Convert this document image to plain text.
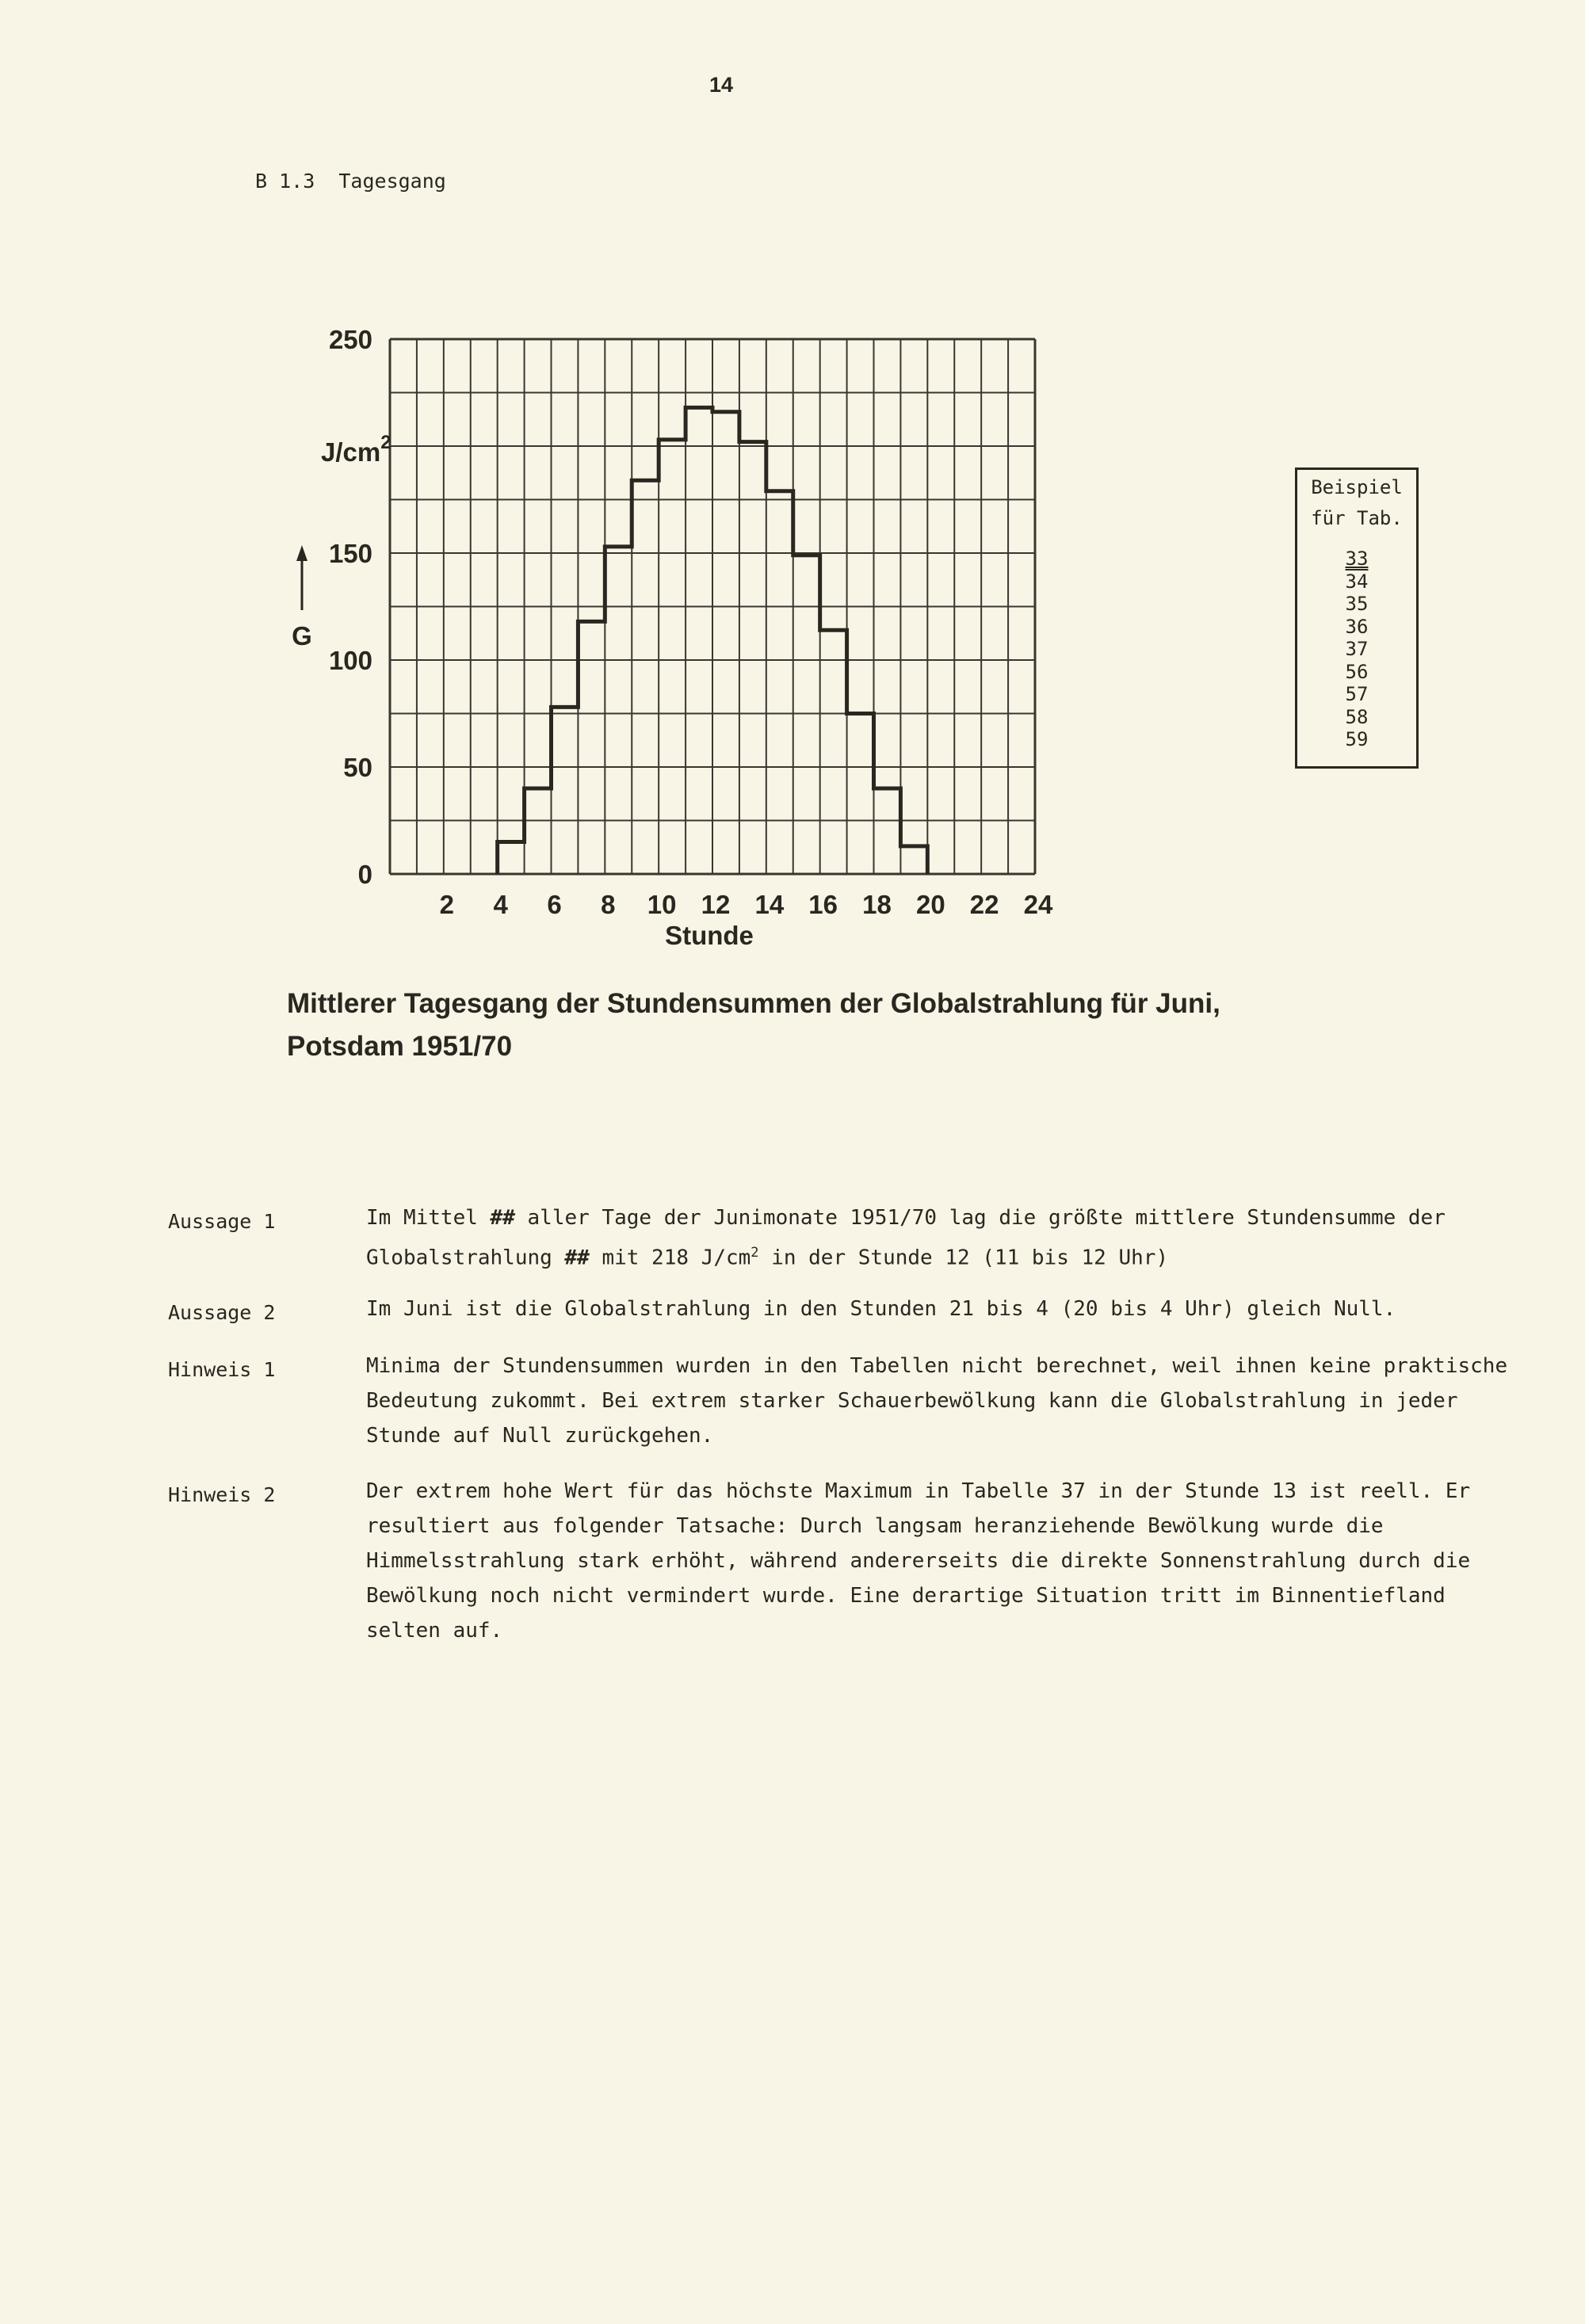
14
B 1.3  Tagesgang
0
50
100
150
250
2 4 6 8 10 12 14 16 18 20 22 24
Stunde
$J/cm^2$
G
Beispiel
für Tab.
33
34
35
36
37
56
57
58
59
Mittlerer Tagesgang der Stundensummen der Globalstrahlung für Juni, Potsdam 1951/70
Aussage 1	Im Mittel ## aller Tage der Junimonate 1951/70 lag die größte mittlere Stundensumme der Globalstrahlung ## mit 218 $J/cm^2$ in der Stunde 12 (11 bis 12 Uhr)
Aussage 2	Im Juni ist die Globalstrahlung in den Stunden 21 bis 4 (20 bis 4 Uhr) gleich Null.
Hinweis 1	Minima der Stundensummen wurden in den Tabellen nicht berechnet, weil ihnen keine praktische Bedeutung zukommt. Bei extrem starker Schauerbewölkung kann die Globalstrahlung in jeder Stunde auf Null zurückgehen.
Hinweis 2	Der extrem hohe Wert für das höchste Maximum in Tabelle 37 in der Stunde 13 ist reell. Er resultiert aus folgender Tatsache: Durch langsam heranziehende Bewölkung wurde die Himmelsstrahlung stark erhöht, während andererseits die direkte Sonnenstrahlung durch die Bewölkung noch nicht vermindert wurde. Eine derartige Situation tritt im Binnentiefland selten auf.
